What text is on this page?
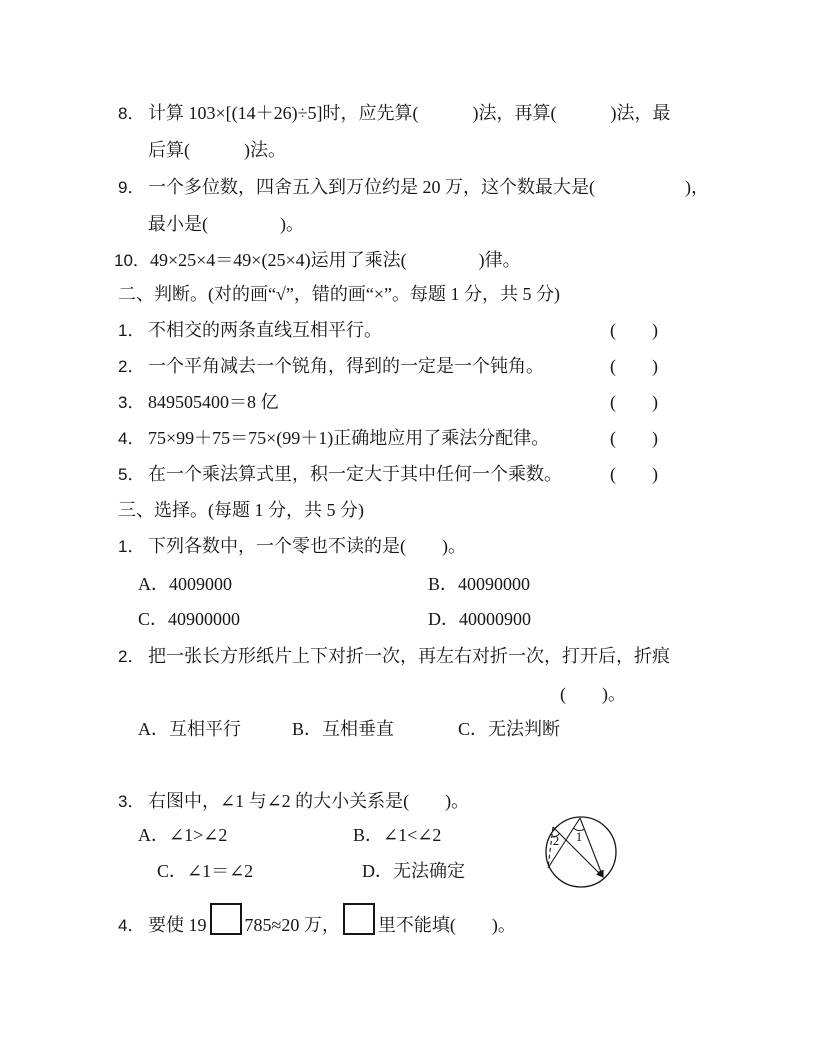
8． 计算 103×[(14＋26)÷5]时，应先算(　　　)法，再算(　　　)法，最
后算(　　　)法。
9． 一个多位数，四舍五入到万位约是 20 万，这个数最大是(　　　　　)，
最小是(　　　　)。
10．49×25×4＝49×(25×4)运用了乘法(　　　　)律。
二、判断。(对的画“√”，错的画“×”。每题 1 分，共 5 分)
1． 不相交的两条直线互相平行。	(　　)
2． 一个平角减去一个锐角，得到的一定是一个钝角。	(　　)
3． 849505400＝8 亿	(　　)
4． 75×99＋75＝75×(99＋1)正确地应用了乘法分配律。	(　　)
5． 在一个乘法算式里，积一定大于其中任何一个乘数。	(　　)
三、选择。(每题 1 分，共 5 分)
1． 下列各数中，一个零也不读的是(　　)。
A．4009000	B．40090000
C．40900000	D．40000900
2． 把一张长方形纸片上下对折一次，再左右对折一次，打开后，折痕
(　　)。
A．互相平行	B．互相垂直	C．无法判断
3． 右图中，∠1 与∠2 的大小关系是(　　)。
A．∠1>∠2	B．∠1<∠2
C．∠1＝∠2	D．无法确定
1
2
4． 要使 19 785≈20 万， 里不能填(　　)。
